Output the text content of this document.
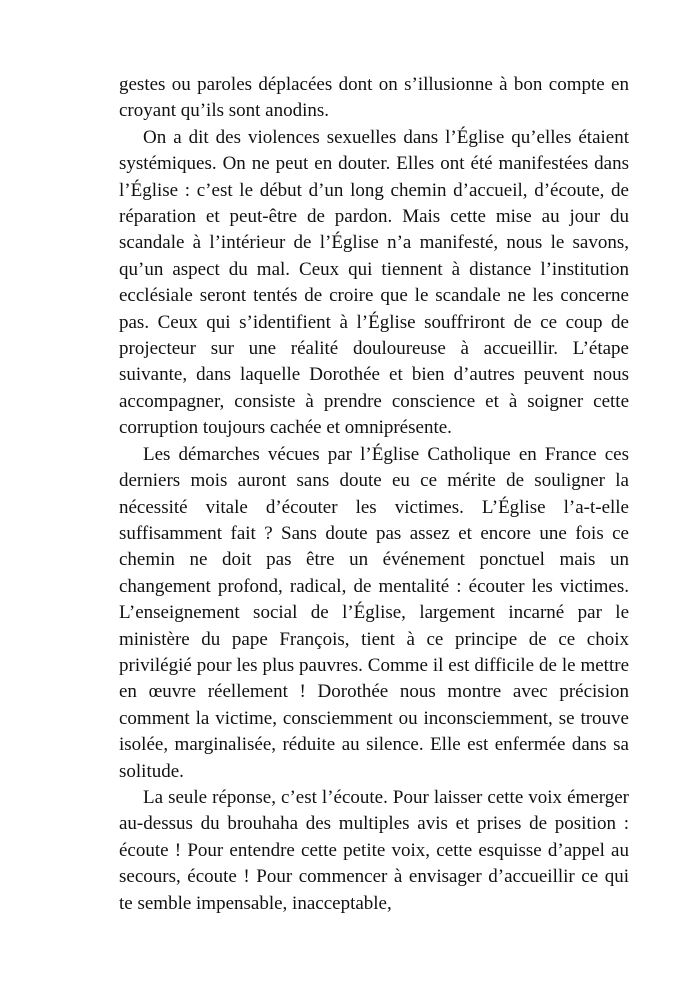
gestes ou paroles déplacées dont on s’illusionne à bon compte en croyant qu’ils sont anodins.

On a dit des violences sexuelles dans l’Église qu’elles étaient systémiques. On ne peut en douter. Elles ont été manifestées dans l’Église : c’est le début d’un long chemin d’accueil, d’écoute, de réparation et peut-être de pardon. Mais cette mise au jour du scandale à l’intérieur de l’Église n’a manifesté, nous le savons, qu’un aspect du mal. Ceux qui tiennent à distance l’institution ecclésiale seront tentés de croire que le scandale ne les concerne pas. Ceux qui s’identifient à l’Église souffriront de ce coup de projecteur sur une réalité douloureuse à accueillir. L’étape suivante, dans laquelle Dorothée et bien d’autres peuvent nous accompagner, consiste à prendre conscience et à soigner cette corruption toujours cachée et omniprésente.

Les démarches vécues par l’Église Catholique en France ces derniers mois auront sans doute eu ce mérite de souligner la nécessité vitale d’écouter les victimes. L’Église l’a-t-elle suffisamment fait ? Sans doute pas assez et encore une fois ce chemin ne doit pas être un événement ponctuel mais un changement profond, radical, de mentalité : écouter les victimes. L’enseignement social de l’Église, largement incarné par le ministère du pape François, tient à ce principe de ce choix privilégié pour les plus pauvres. Comme il est difficile de le mettre en œuvre réellement ! Dorothée nous montre avec précision comment la victime, consciemment ou inconsciemment, se trouve isolée, marginalisée, réduite au silence. Elle est enfermée dans sa solitude.

La seule réponse, c’est l’écoute. Pour laisser cette voix émerger au-dessus du brouhaha des multiples avis et prises de position : écoute ! Pour entendre cette petite voix, cette esquisse d’appel au secours, écoute ! Pour commencer à envisager d’accueillir ce qui te semble impensable, inacceptable,
